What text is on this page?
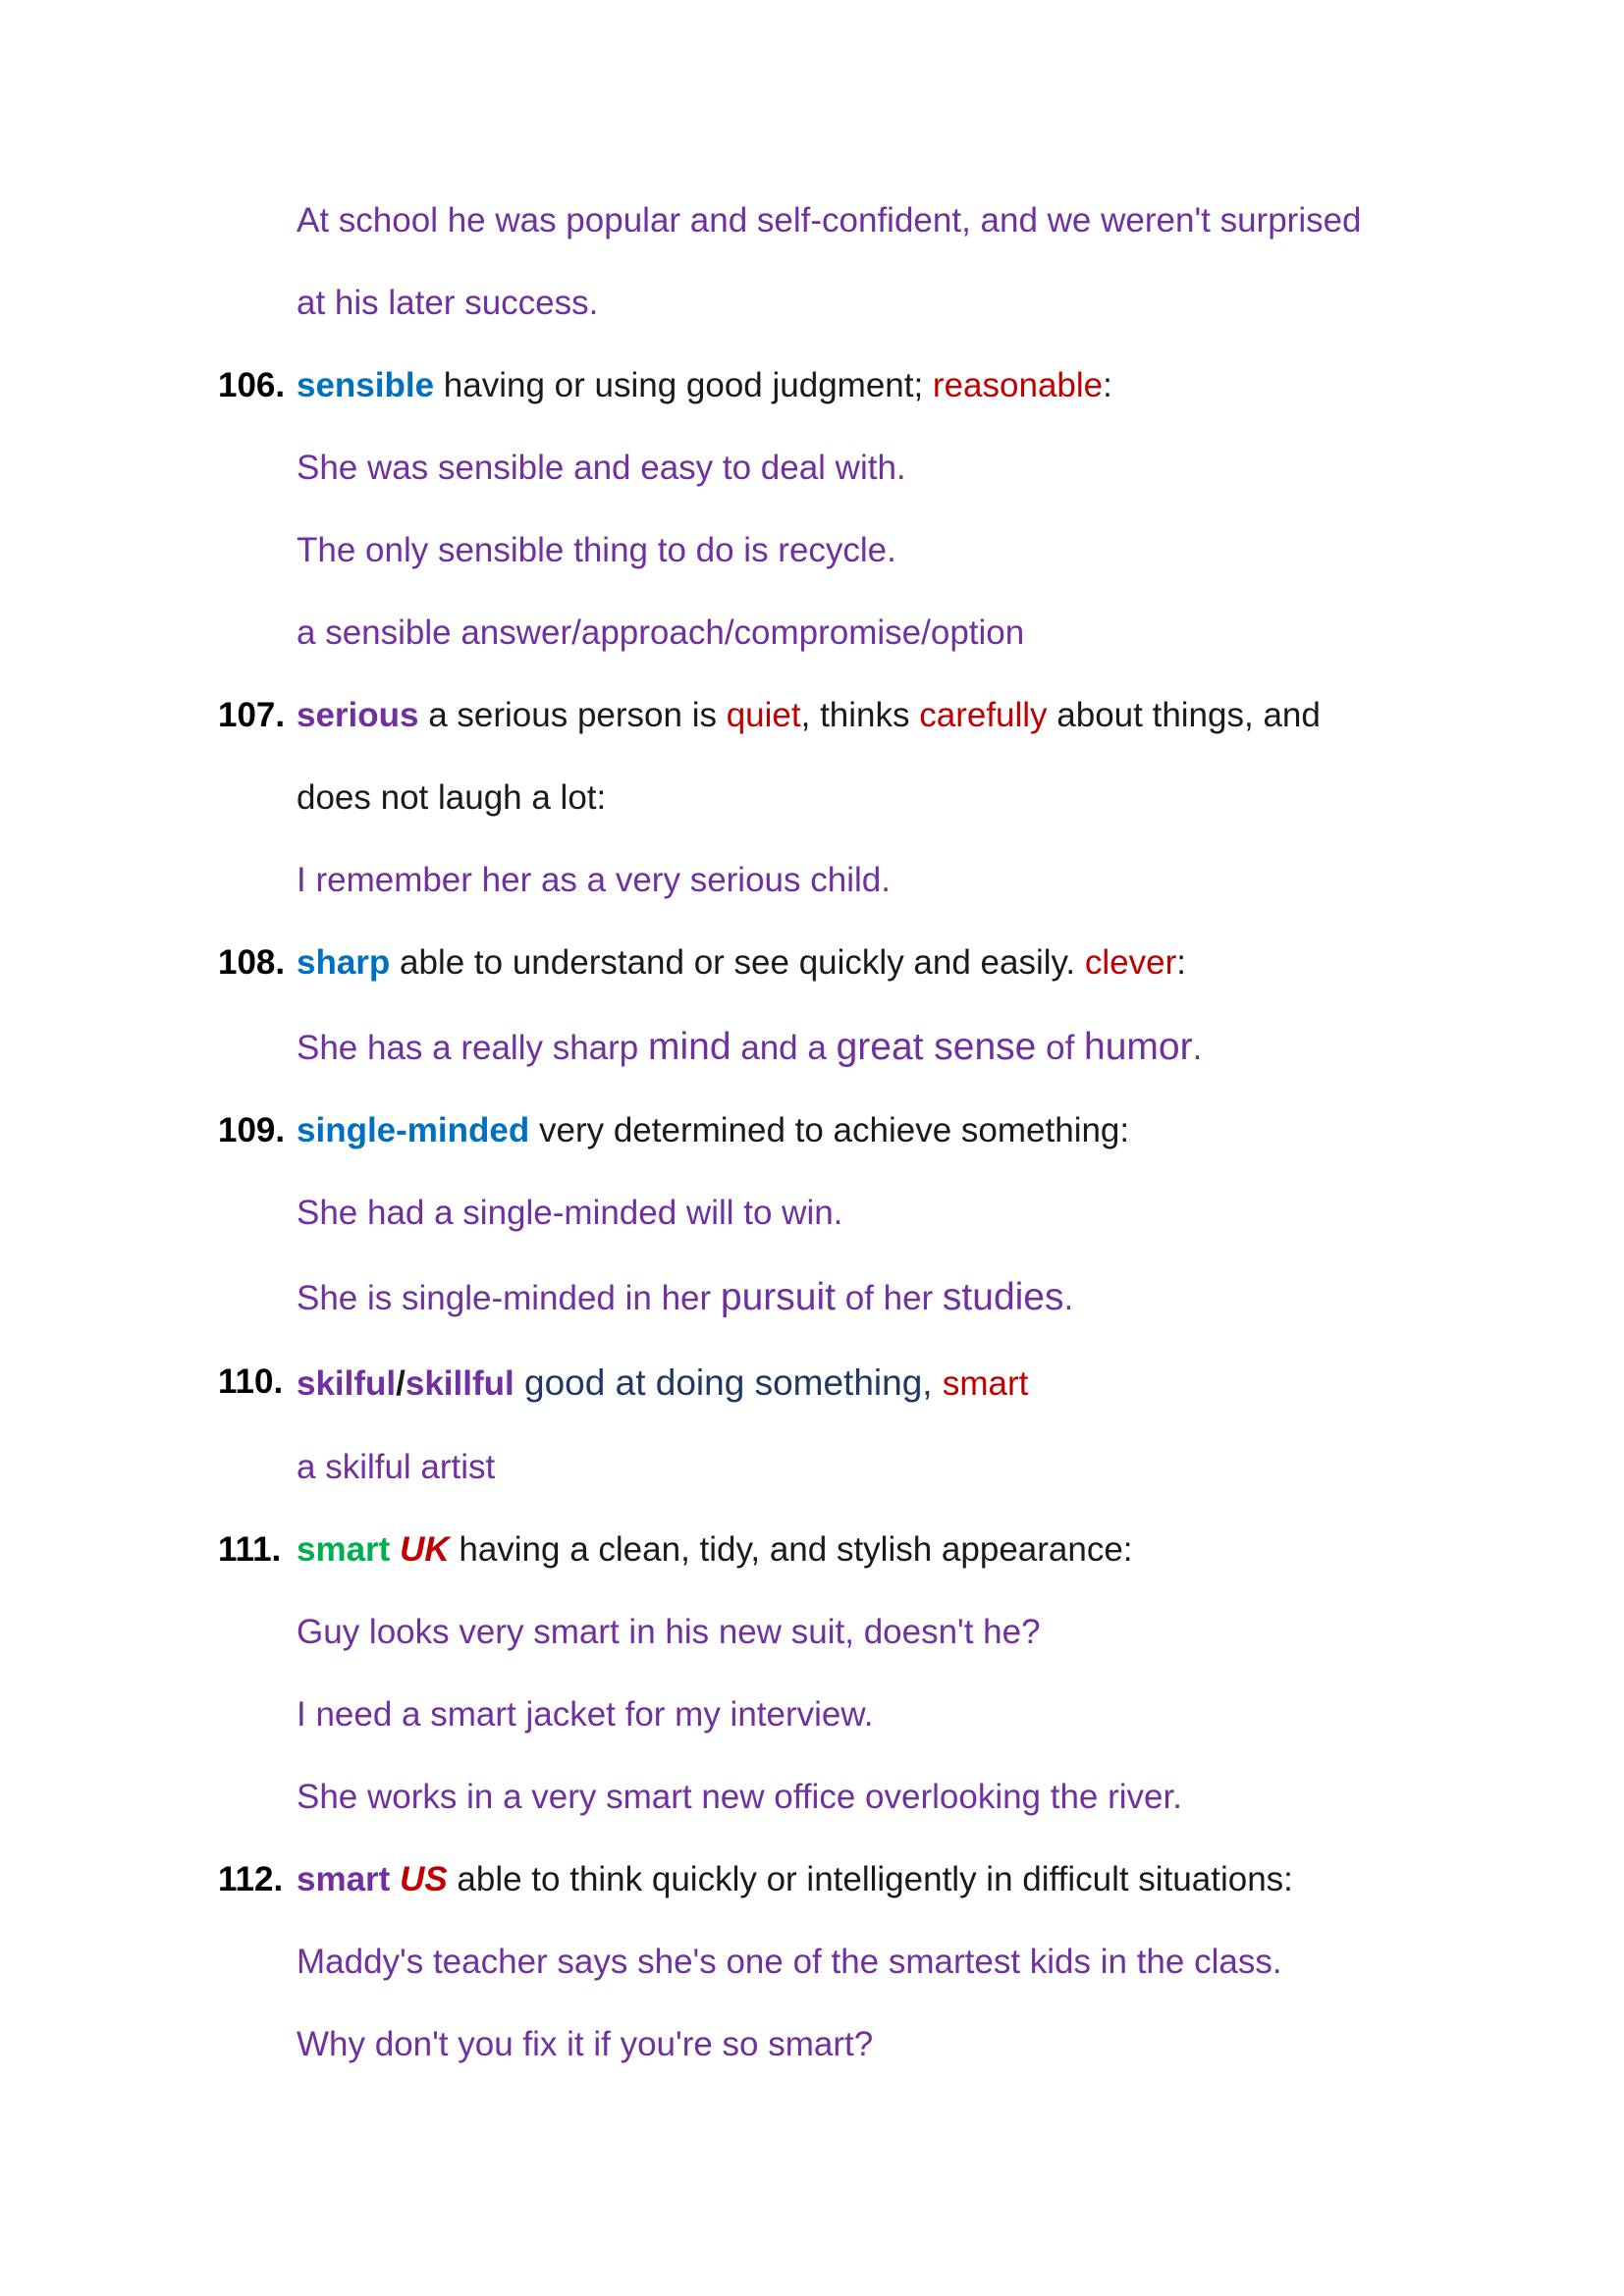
At school he was popular and self-confident, and we weren't surprised
at his later success.
106. sensible having or using good judgment; reasonable:
She was sensible and easy to deal with.
The only sensible thing to do is recycle.
a sensible answer/approach/compromise/option
107. serious a serious person is quiet, thinks carefully about things, and
does not laugh a lot:
I remember her as a very serious child.
108. sharp able to understand or see quickly and easily. clever:
She has a really sharp mind and a great sense of humor.
109. single-minded very determined to achieve something:
She had a single-minded will to win.
She is single-minded in her pursuit of her studies.
110. skilful/skillful good at doing something, smart
a skilful artist
111. smart UK having a clean, tidy, and stylish appearance:
Guy looks very smart in his new suit, doesn't he?
I need a smart jacket for my interview.
She works in a very smart new office overlooking the river.
112. smart US able to think quickly or intelligently in difficult situations:
Maddy's teacher says she's one of the smartest kids in the class.
Why don't you fix it if you're so smart?
